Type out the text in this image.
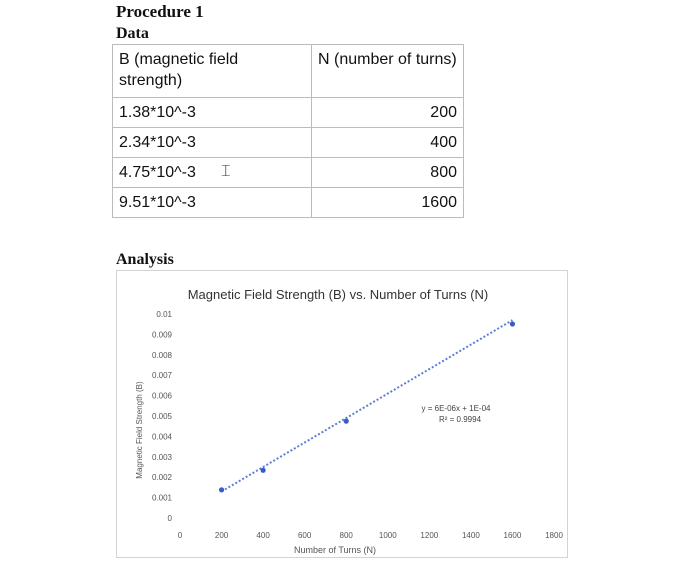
Procedure 1
Data
B (magnetic field strength)	N (number of turns)
1.38*10^-3	200
2.34*10^-3	400
4.75*10^-3	800
9.51*10^-3	1600
⌶
Analysis
Magnetic Field Strength (B) vs. Number of Turns (N)
Number of Turns (N)
Magnetic Field Strength (B)	y = 6E-06x + 1E-04
R² = 0.9994
0
0.001
0.002
0.003
0.004
0.005
0.006
0.007
0.008
0.009
0.01
0	200	400	600	800	1000	1200	1400	1600	1800
